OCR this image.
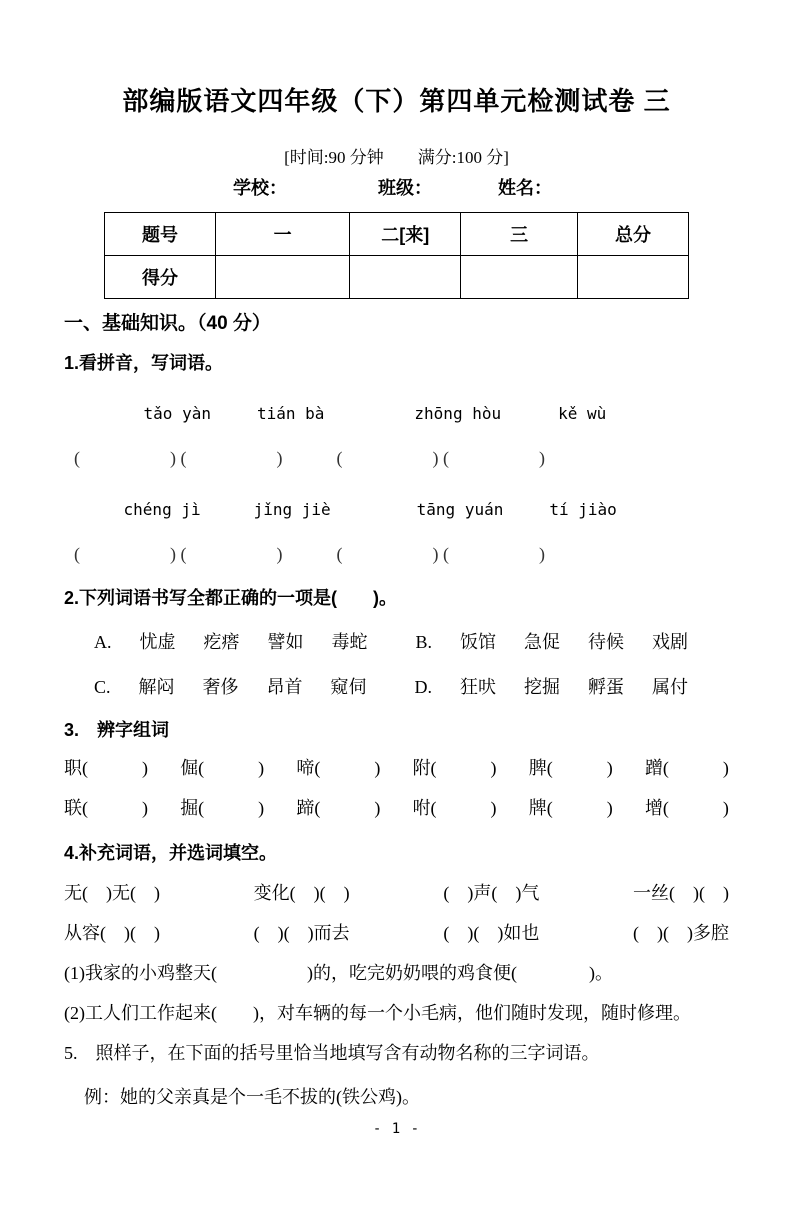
部编版语文四年级（下）第四单元检测试卷 三
[时间:90 分钟　　满分:100 分]
学校：	班级：	姓名：
题号	一	二[来]	三	总分
得分				
一、基础知识。（40 分）
1.看拼音，写词语。

tǎo yàn	tián bà	zhōng hòu	kě wù

(　　　　　) (　　　　　)　　　(　　　　　) (　　　　　)

chéng jì	jǐng jiè	tāng yuán	tí jiào

(　　　　　) (　　　　　)　　　(　　　　　) (　　　　　)
2.下列词语书写全都正确的一项是(　　)。
A. 忧虚 疙瘩 譬如 毒蛇	B. 饭馆 急促 待候 戏剧
C. 解闷 奢侈 昂首 窥伺	D. 狂吠 挖掘 孵蛋 属付
3.　辨字组词
职(　　　) 倔(　　　) 啼(　　　) 附(　　　) 脾(　　　) 蹭(　　　)
联(　　　) 掘(　　　) 蹄(　　　) 咐(　　　) 牌(　　　) 增(　　　)
4.补充词语，并选词填空。
无(　)无(　)	变化(　)(　)	(　)声(　)气	一丝(　)(　)
从容(　)(　)	(　)(　)而去	(　)(　)如也	(　)(　)多腔
(1)我家的小鸡整天(　　　　　)的，吃完奶奶喂的鸡食便(　　　　)。
(2)工人们工作起来(　　)，对车辆的每一个小毛病，他们随时发现，随时修理。
5.　照样子，在下面的括号里恰当地填写含有动物名称的三字词语。
例：她的父亲真是个一毛不拔的(铁公鸡)。
- 1 -
